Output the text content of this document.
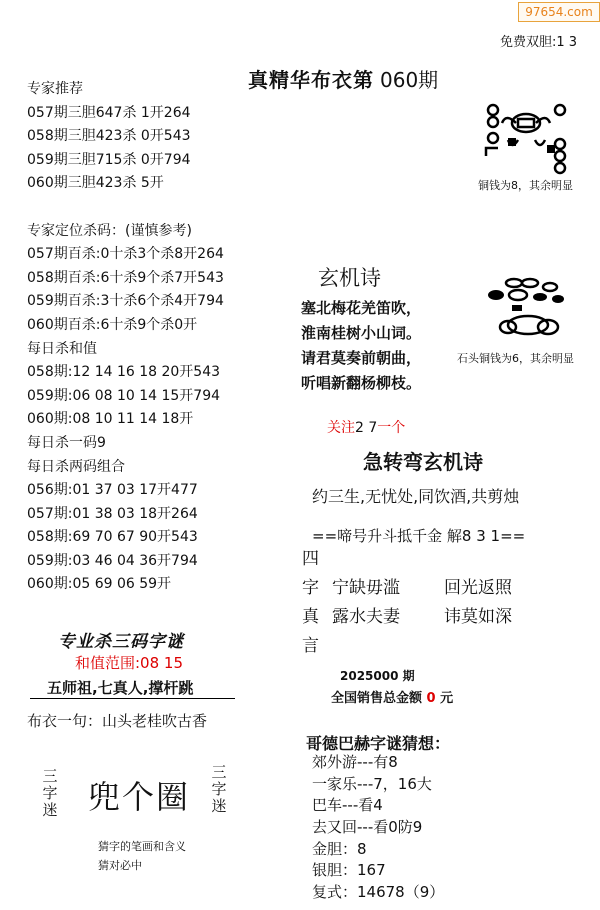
97654.com
免费双胆:1 3
真精华布衣第 060期
专家推荐
057期三胆647杀 1开264
058期三胆423杀 0开543
059期三胆715杀 0开794
060期三胆423杀 5开
专家定位杀码：(谨慎参考)
057期百杀:0十杀3个杀8开264
058期百杀:6十杀9个杀7开543
059期百杀:3十杀6个杀4开794
060期百杀:6十杀9个杀0开
每日杀和值
058期:12 14 16 18 20开543
059期:06 08 10 14 15开794
060期:08 10 11 14 18开
每日杀一码9
每日杀两码组合
056期:01 37 03 17开477
057期:01 38 03 18开264
058期:69 70 67 90开543
059期:03 46 04 36开794
060期:05 69 06 59开
专业杀三码字谜
和值范围:08 15
五师祖,七真人,撑杆跳
布衣一句：山头老桂吹古香
三字迷 兜个圈
三字迷
猜字的笔画和含义
猜对必中
铜钱为8，其余明显
石头铜钱为6，其余明显
玄机诗
塞北梅花羌笛吹，
淮南桂树小山词。
请君莫奏前朝曲，
听唱新翻杨柳枝。
关注2 7一个
急转弯玄机诗
约三生,无忧处,同饮酒,共剪烛
==啼号升斗抵千金 解8 3 1==
四
字 宁缺毋滥	回光返照
真 露水夫妻	讳莫如深
言
2025000 期
全国销售总金额 0 元
哥德巴赫字谜猜想：
郊外游---有8
一家乐---7，16大
巴车---看4
去又回---看0防9
金胆：8
银胆：167
复式：14678（9）
